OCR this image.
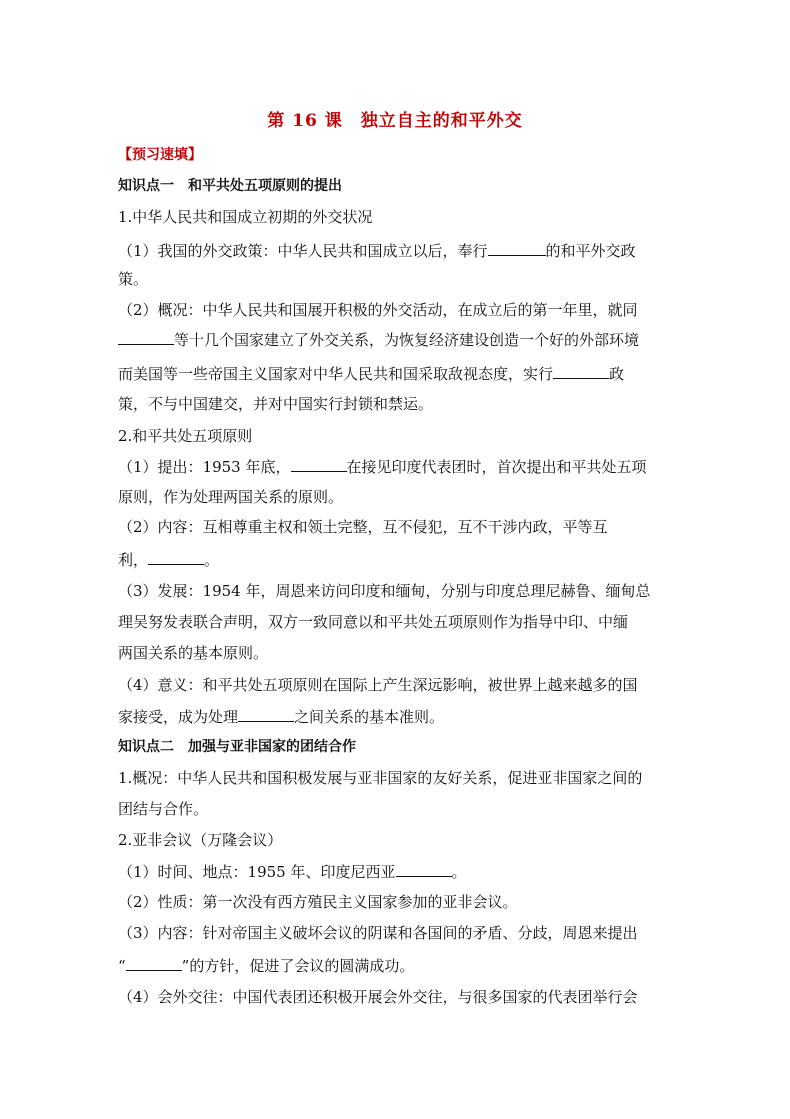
第 16 课　独立自主的和平外交
【预习速填】
知识点一　和平共处五项原则的提出
1.中华人民共和国成立初期的外交状况
（1）我国的外交政策：中华人民共和国成立以后，奉行	的和平外交政
策。
（2）概况：中华人民共和国展开积极的外交活动，在成立后的第一年里，就同
等十几个国家建立了外交关系，为恢复经济建设创造一个好的外部环境
而美国等一些帝国主义国家对中华人民共和国采取敌视态度，实行	政
策，不与中国建交，并对中国实行封锁和禁运。
2.和平共处五项原则
（1）提出：1953 年底，	在接见印度代表团时，首次提出和平共处五项
原则，作为处理两国关系的原则。
（2）内容：互相尊重主权和领土完整，互不侵犯，互不干涉内政，平等互
利，	。
（3）发展：1954 年，周恩来访问印度和缅甸，分别与印度总理尼赫鲁、缅甸总
理吴努发表联合声明，双方一致同意以和平共处五项原则作为指导中印、中缅
两国关系的基本原则。
（4）意义：和平共处五项原则在国际上产生深远影响，被世界上越来越多的国
家接受，成为处理	之间关系的基本准则。
知识点二　加强与亚非国家的团结合作
1.概况：中华人民共和国积极发展与亚非国家的友好关系，促进亚非国家之间的
团结与合作。
2.亚非会议（万隆会议）
（1）时间、地点：1955 年、印度尼西亚	。
（2）性质：第一次没有西方殖民主义国家参加的亚非会议。
（3）内容：针对帝国主义破坏会议的阴谋和各国间的矛盾、分歧，周恩来提出
“	”的方针，促进了会议的圆满成功。
（4）会外交往：中国代表团还积极开展会外交往，与很多国家的代表团举行会
